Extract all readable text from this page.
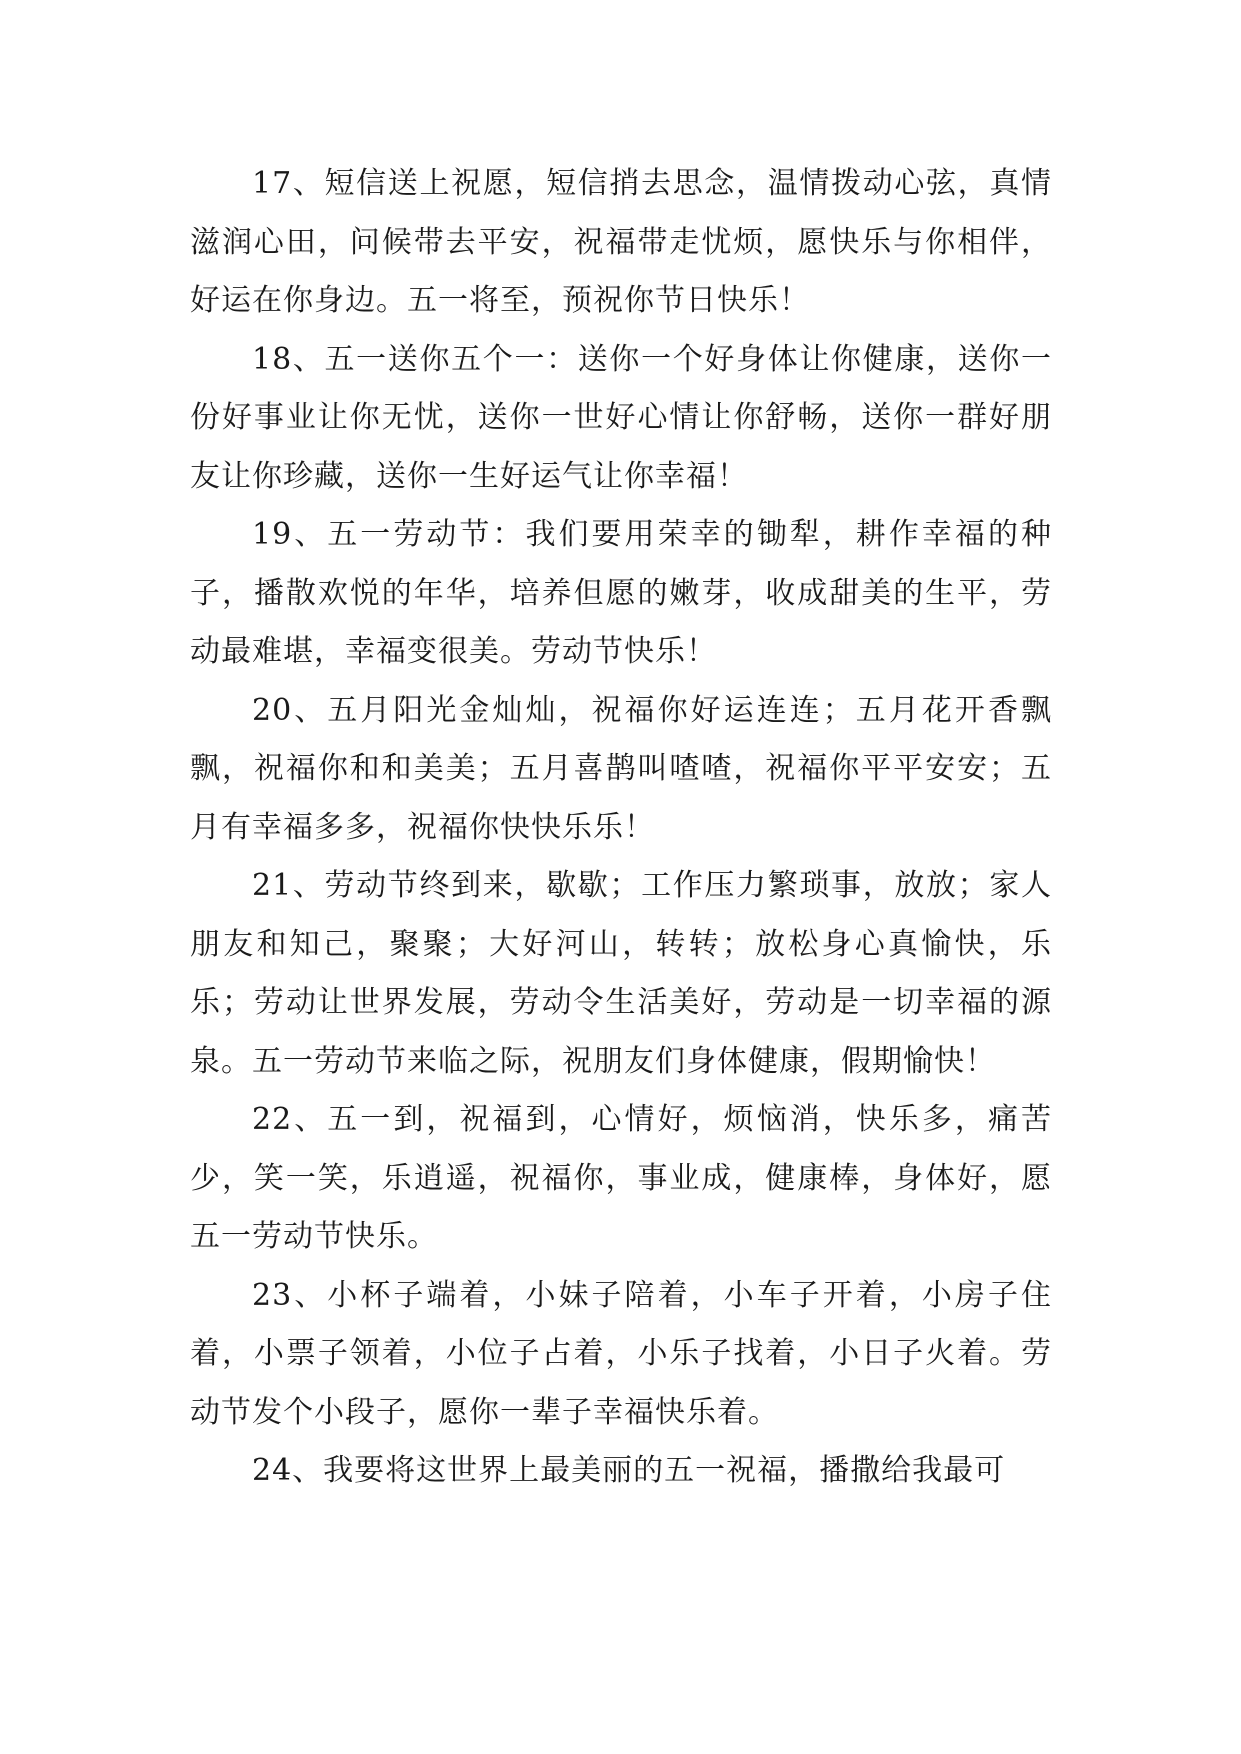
17、短信送上祝愿，短信捎去思念，温情拨动心弦，真情滋润心田，问候带去平安，祝福带走忧烦，愿快乐与你相伴，好运在你身边。五一将至，预祝你节日快乐！

18、五一送你五个一：送你一个好身体让你健康，送你一份好事业让你无忧，送你一世好心情让你舒畅，送你一群好朋友让你珍藏，送你一生好运气让你幸福！

19、五一劳动节：我们要用荣幸的锄犁，耕作幸福的种子，播散欢悦的年华，培养但愿的嫩芽，收成甜美的生平，劳动最难堪，幸福变很美。劳动节快乐！

20、五月阳光金灿灿，祝福你好运连连；五月花开香飘飘，祝福你和和美美；五月喜鹊叫喳喳，祝福你平平安安；五月有幸福多多，祝福你快快乐乐！

21、劳动节终到来，歇歇；工作压力繁琐事，放放；家人朋友和知己，聚聚；大好河山，转转；放松身心真愉快，乐乐；劳动让世界发展，劳动令生活美好，劳动是一切幸福的源泉。五一劳动节来临之际，祝朋友们身体健康，假期愉快！

22、五一到，祝福到，心情好，烦恼消，快乐多，痛苦少，笑一笑，乐逍遥，祝福你，事业成，健康棒，身体好，愿五一劳动节快乐。

23、小杯子端着，小妹子陪着，小车子开着，小房子住着，小票子领着，小位子占着，小乐子找着，小日子火着。劳动节发个小段子，愿你一辈子幸福快乐着。

24、我要将这世界上最美丽的五一祝福，播撒给我最可
